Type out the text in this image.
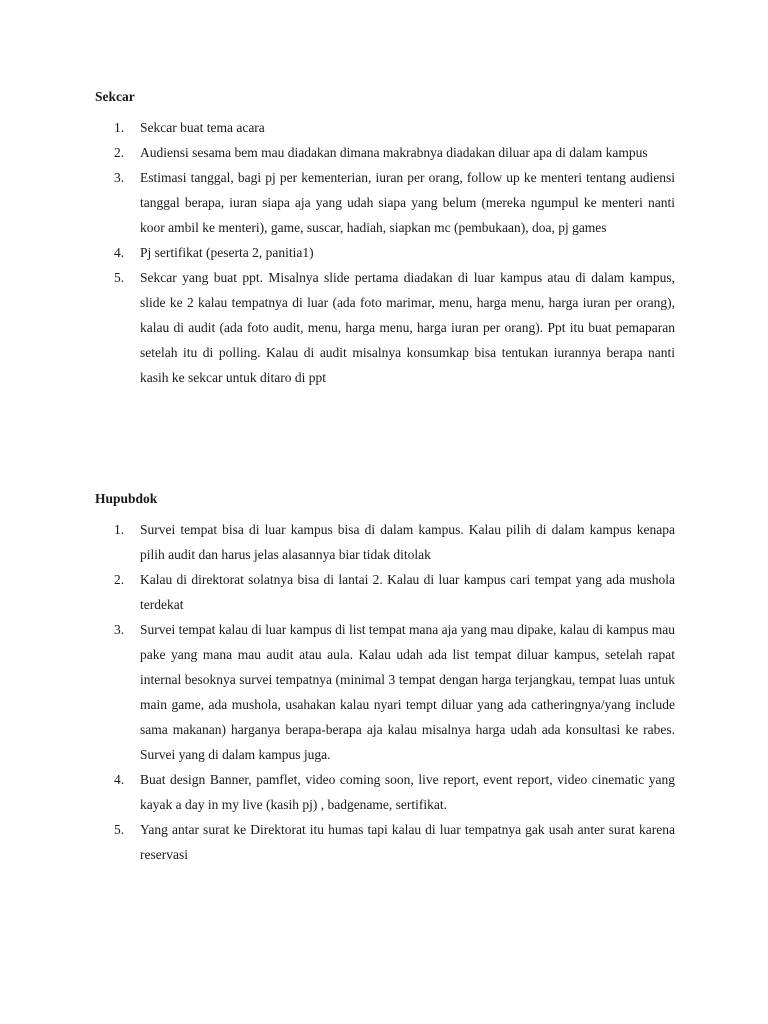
Sekcar
1. Sekcar buat tema acara
2. Audiensi sesama bem mau diadakan dimana makrabnya diadakan diluar apa di dalam kampus
3. Estimasi tanggal, bagi pj per kementerian, iuran per orang, follow up ke menteri tentang audiensi tanggal berapa, iuran siapa aja yang udah siapa yang belum (mereka ngumpul ke menteri nanti koor ambil ke menteri), game, suscar, hadiah, siapkan mc (pembukaan), doa, pj games
4. Pj sertifikat (peserta 2, panitia1)
5. Sekcar yang buat ppt. Misalnya slide pertama diadakan di luar kampus atau di dalam kampus, slide ke 2 kalau tempatnya di luar (ada foto marimar, menu, harga menu, harga iuran per orang), kalau di audit (ada foto audit, menu, harga menu, harga iuran per orang). Ppt itu buat pemaparan setelah itu di polling. Kalau di audit misalnya konsumkap bisa tentukan iurannya berapa nanti kasih ke sekcar untuk ditaro di ppt
Hupubdok
1. Survei tempat bisa di luar kampus bisa di dalam kampus. Kalau pilih di dalam kampus kenapa pilih audit dan harus jelas alasannya biar tidak ditolak
2. Kalau di direktorat solatnya bisa di lantai 2. Kalau di luar kampus cari tempat yang ada mushola terdekat
3. Survei tempat kalau di luar kampus di list tempat mana aja yang mau dipake, kalau di kampus mau pake yang mana mau audit atau aula. Kalau udah ada list tempat diluar kampus, setelah rapat internal besoknya survei tempatnya (minimal 3 tempat dengan harga terjangkau, tempat luas untuk main game, ada mushola, usahakan kalau nyari tempt diluar yang ada catheringnya/yang include sama makanan) harganya berapa-berapa aja kalau misalnya harga udah ada konsultasi ke rabes. Survei yang di dalam kampus juga.
4. Buat design Banner, pamflet, video coming soon, live report, event report, video cinematic yang kayak a day in my live (kasih pj) , badgename, sertifikat.
5. Yang antar surat ke Direktorat itu humas tapi kalau di luar tempatnya gak usah anter surat karena reservasi
